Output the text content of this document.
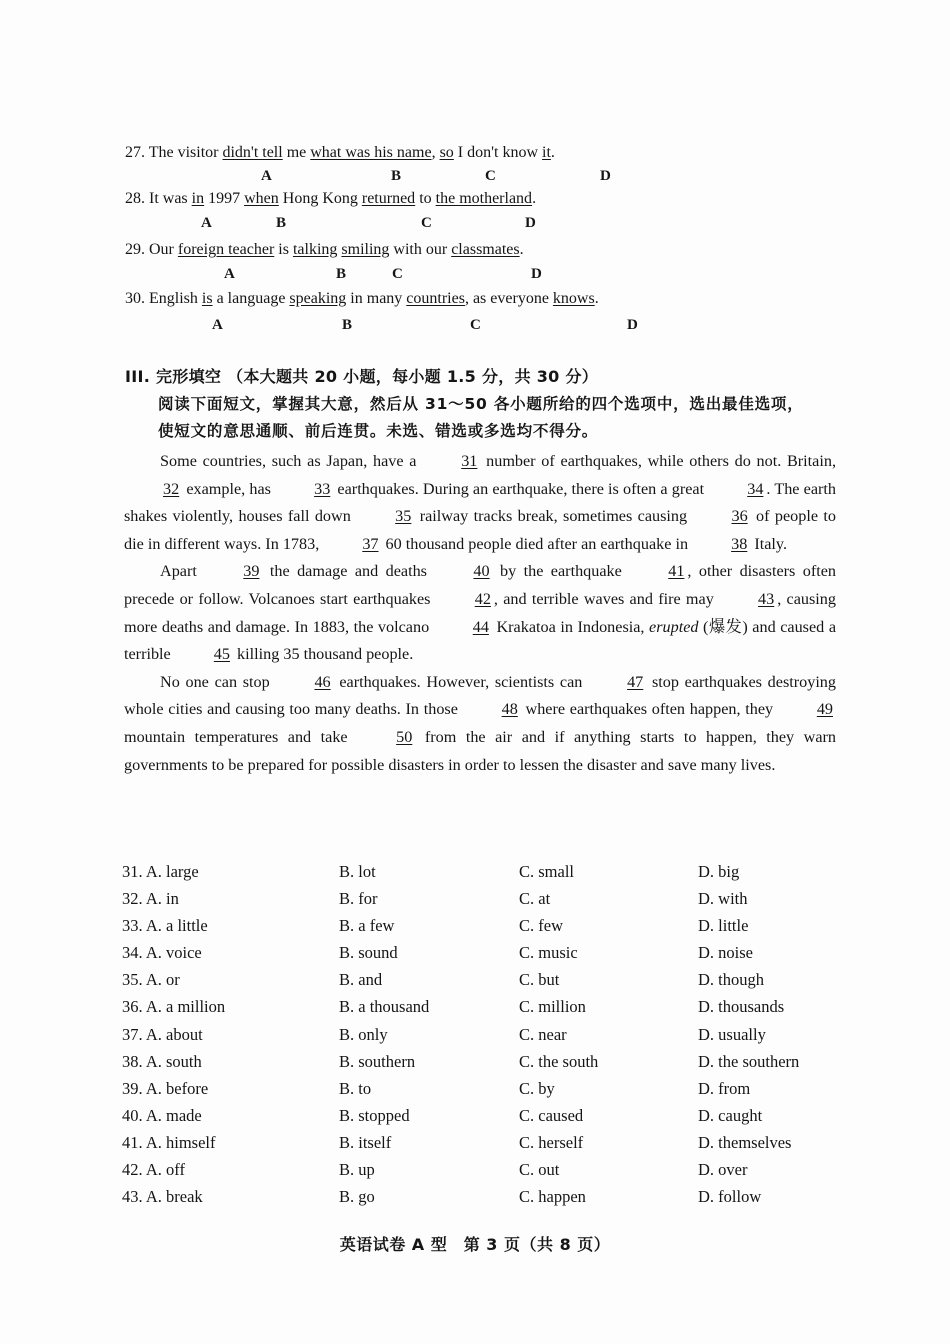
27. The visitor didn't tell me what was his name, so I don't know it.
28. It was in 1997 when Hong Kong returned to the motherland.
29. Our foreign teacher is talking smiling with our classmates.
30. English is a language speaking in many countries, as everyone knows.
A	B	C	D
A	B	C	D
A	B	C	D
A	B	C	D
III. 完形填空 （本大题共 20 小题，每小题 1.5 分，共 30 分）
阅读下面短文，掌握其大意，然后从 31～50 各小题所给的四个选项中，选出最佳选项，
使短文的意思通顺、前后连贯。未选、错选或多选均不得分。

Some countries, such as Japan, have a 31 number of earthquakes, while others do not. Britain, 32 example, has 33 earthquakes. During an earthquake, there is often a great 34 . The earth shakes violently, houses fall down 35 railway tracks break, sometimes causing 36 of people to die in different ways. In 1783, 37 60 thousand people died after an earthquake in 38 Italy.

Apart 39 the damage and deaths 40 by the earthquake 41 , other disasters often precede or follow. Volcanoes start earthquakes 42 , and terrible waves and fire may 43 , causing more deaths and damage. In 1883, the volcano 44 Krakatoa in Indonesia, erupted (爆发) and caused a terrible 45 killing 35 thousand people.

No one can stop 46 earthquakes. However, scientists can 47 stop earthquakes destroying whole cities and causing too many deaths. In those 48 where earthquakes often happen, they 49 mountain temperatures and take 50 from the air and if anything starts to happen, they warn governments to be prepared for possible disasters in order to lessen the disaster and save many lives.

31. A. large	B. lot	C. small	D. big
32. A. in	B. for	C. at	D. with
33. A. a little	B. a few	C. few	D. little
34. A. voice	B. sound	C. music	D. noise
35. A. or	B. and	C. but	D. though
36. A. a million	B. a thousand	C. million	D. thousands
37. A. about	B. only	C. near	D. usually
38. A. south	B. southern	C. the south	D. the southern
39. A. before	B. to	C. by	D. from
40. A. made	B. stopped	C. caused	D. caught
41. A. himself	B. itself	C. herself	D. themselves
42. A. off	B. up	C. out	D. over
43. A. break	B. go	C. happen	D. follow
英语试卷 A 型　第 3 页（共 8 页）
